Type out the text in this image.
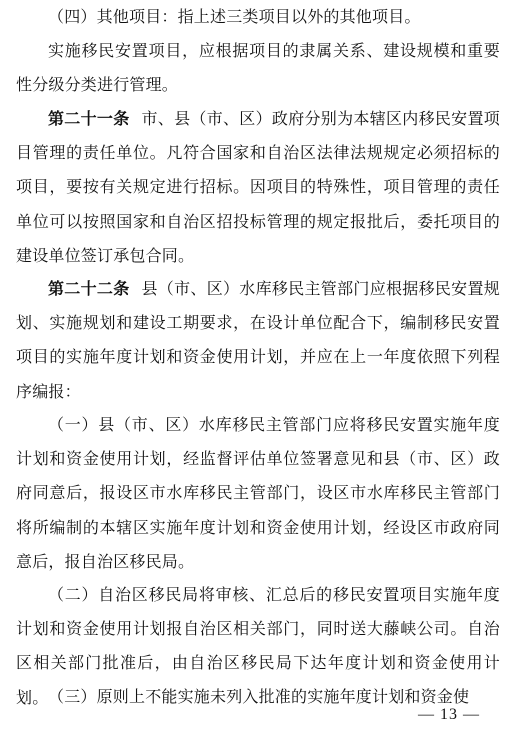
（四）其他项目：指上述三类项目以外的其他项目。

实施移民安置项目，应根据项目的隶属关系、建设规模和重要性分级分类进行管理。

第二十一条 市、县（市、区）政府分别为本辖区内移民安置项目管理的责任单位。凡符合国家和自治区法律法规规定必须招标的项目，要按有关规定进行招标。因项目的特殊性，项目管理的责任单位可以按照国家和自治区招投标管理的规定报批后，委托项目的建设单位签订承包合同。

第二十二条 县（市、区）水库移民主管部门应根据移民安置规划、实施规划和建设工期要求，在设计单位配合下，编制移民安置项目的实施年度计划和资金使用计划，并应在上一年度依照下列程序编报：

（一）县（市、区）水库移民主管部门应将移民安置实施年度计划和资金使用计划，经监督评估单位签署意见和县（市、区）政府同意后，报设区市水库移民主管部门，设区市水库移民主管部门将所编制的本辖区实施年度计划和资金使用计划，经设区市政府同意后，报自治区移民局。

（二）自治区移民局将审核、汇总后的移民安置项目实施年度计划和资金使用计划报自治区相关部门，同时送大藤峡公司。自治区相关部门批准后，由自治区移民局下达年度计划和资金使用计划。 （三）原则上不能实施未列入批准的实施年度计划和资金使

— 13 —
